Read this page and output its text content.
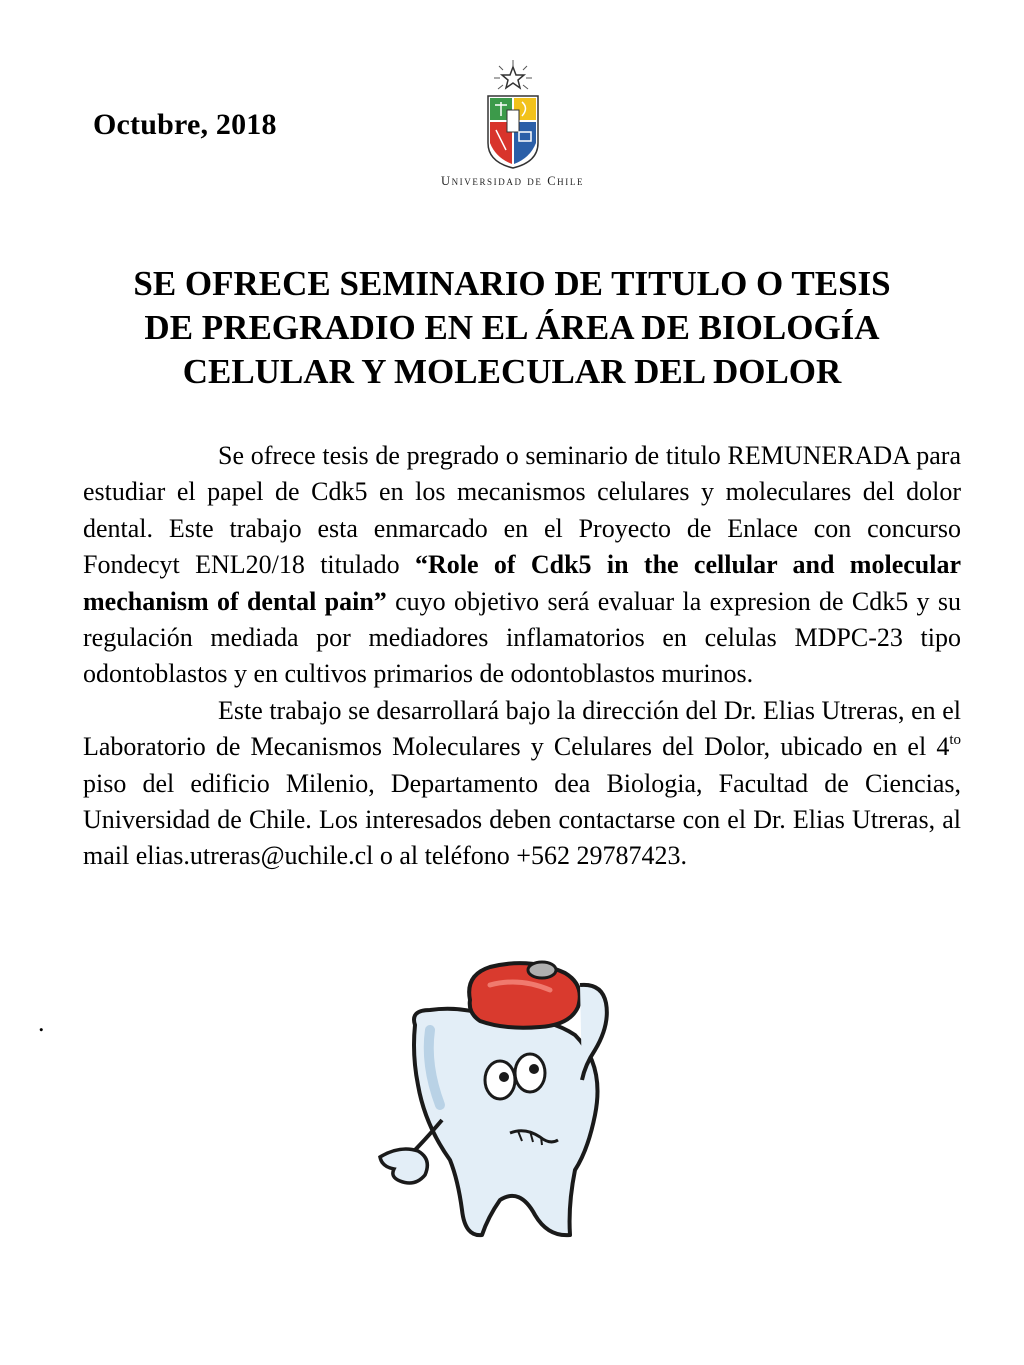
Octubre, 2018
Universidad de Chile
SE OFRECE SEMINARIO DE TITULO O TESIS
DE PREGRADIO EN EL ÁREA DE BIOLOGÍA
CELULAR Y MOLECULAR DEL DOLOR

Se ofrece tesis de pregrado o seminario de titulo REMUNERADA para estudiar el papel de Cdk5 en los mecanismos celulares y moleculares del dolor dental. Este trabajo esta enmarcado en el Proyecto de Enlace con concurso Fondecyt ENL20/18 titulado “Role of Cdk5 in the cellular and molecular mechanism of dental pain” cuyo objetivo será evaluar la expresion de Cdk5 y su regulación mediada por mediadores inflamatorios en celulas MDPC-23 tipo odontoblastos y en cultivos primarios de odontoblastos murinos.

Este trabajo se desarrollará bajo la dirección del Dr. Elias Utreras, en el Laboratorio de Mecanismos Moleculares y Celulares del Dolor, ubicado en el $4^{to}$ piso del edificio Milenio, Departamento dea Biologia, Facultad de Ciencias, Universidad de Chile. Los interesados deben contactarse con el Dr. Elias Utreras, al mail elias.utreras@uchile.cl o al teléfono +562 29787423.

.
